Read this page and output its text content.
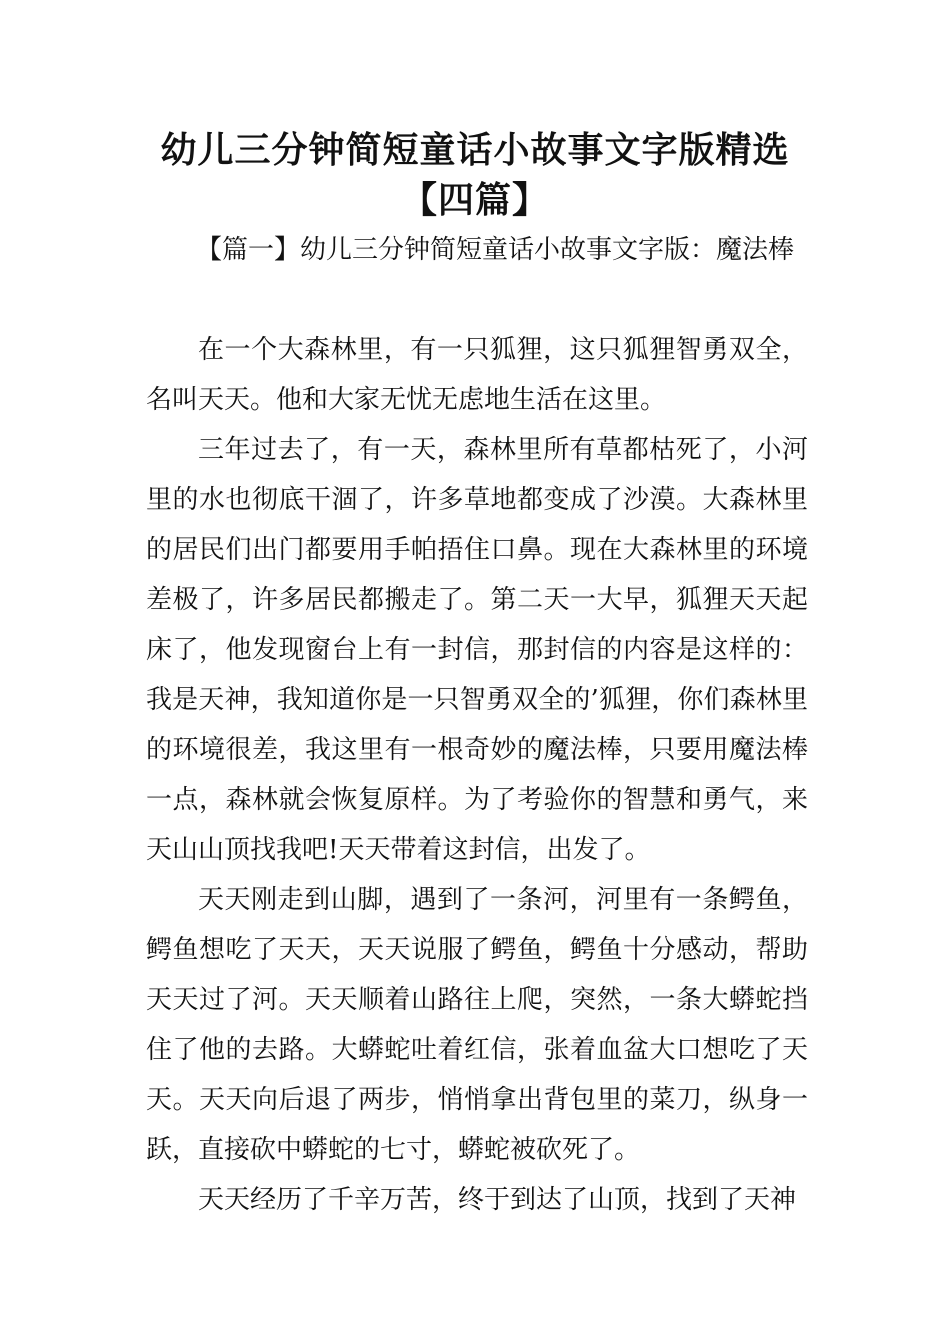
幼儿三分钟简短童话小故事文字版精选
【四篇】
【篇一】幼儿三分钟简短童话小故事文字版：魔法棒

在一个大森林里，有一只狐狸，这只狐狸智勇双全，名叫天天。他和大家无忧无虑地生活在这里。

三年过去了，有一天，森林里所有草都枯死了，小河里的水也彻底干涸了，许多草地都变成了沙漠。大森林里的居民们出门都要用手帕捂住口鼻。现在大森林里的环境差极了，许多居民都搬走了。第二天一大早，狐狸天天起床了，他发现窗台上有一封信，那封信的内容是这样的：我是天神，我知道你是一只智勇双全的’狐狸，你们森林里的环境很差，我这里有一根奇妙的魔法棒，只要用魔法棒一点，森林就会恢复原样。为了考验你的智慧和勇气，来天山山顶找我吧!天天带着这封信，出发了。

天天刚走到山脚，遇到了一条河，河里有一条鳄鱼，鳄鱼想吃了天天，天天说服了鳄鱼，鳄鱼十分感动，帮助天天过了河。天天顺着山路往上爬，突然，一条大蟒蛇挡住了他的去路。大蟒蛇吐着红信，张着血盆大口想吃了天天。天天向后退了两步，悄悄拿出背包里的菜刀，纵身一跃，直接砍中蟒蛇的七寸，蟒蛇被砍死了。

天天经历了千辛万苦，终于到达了山顶，找到了天神
